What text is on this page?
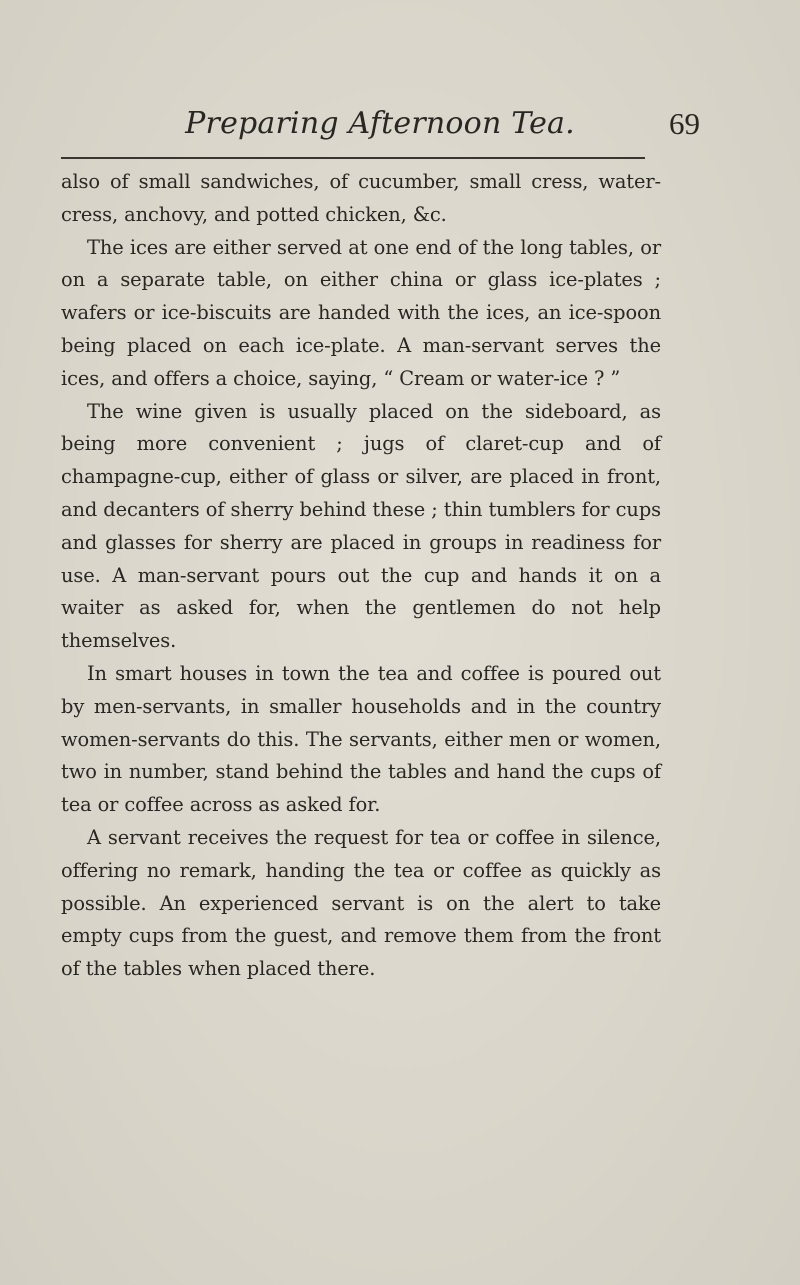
Preparing Afternoon Tea.	69

also of small sandwiches, of cucumber, small cress, water-cress, anchovy, and potted chicken, &c.

The ices are either served at one end of the long tables, or on a separate table, on either china or glass ice-plates ; wafers or ice-biscuits are handed with the ices, an ice-spoon being placed on each ice-plate. A man-servant serves the ices, and offers a choice, saying, “ Cream or water-ice ? ”

The wine given is usually placed on the sideboard, as being more convenient ; jugs of claret-cup and of champagne-cup, either of glass or silver, are placed in front, and decanters of sherry behind these ; thin tumblers for cups and glasses for sherry are placed in groups in readiness for use. A man-servant pours out the cup and hands it on a waiter as asked for, when the gentlemen do not help themselves.

In smart houses in town the tea and coffee is poured out by men-servants, in smaller households and in the country women-servants do this. The servants, either men or women, two in number, stand behind the tables and hand the cups of tea or coffee across as asked for.

A servant receives the request for tea or coffee in silence, offering no remark, handing the tea or coffee as quickly as possible. An experienced servant is on the alert to take empty cups from the guest, and remove them from the front of the tables when placed there.
